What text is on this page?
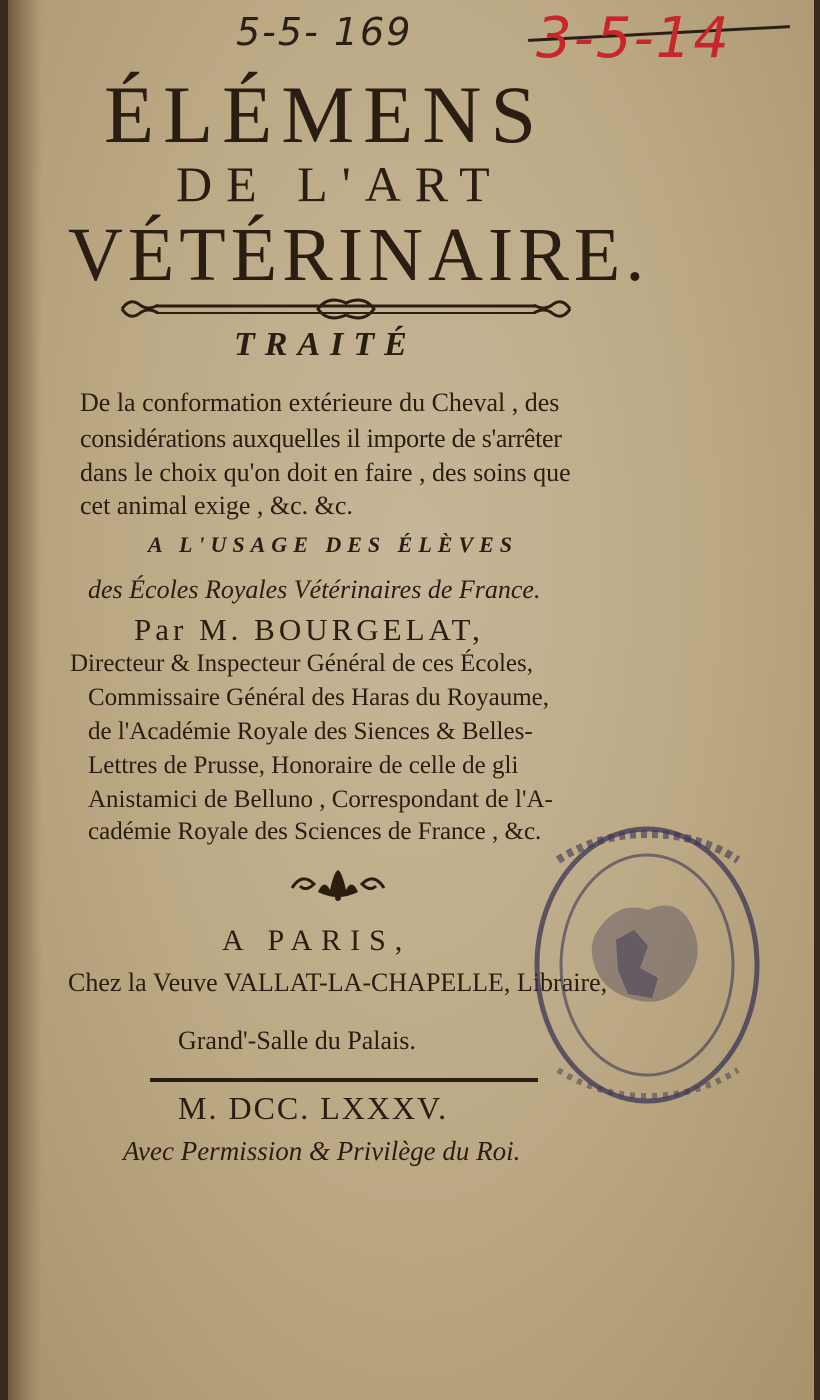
5-5- 169 3-5-14
ÉLÉMENS
DE L'ART
VÉTÉRINAIRE.
TRAITÉ
De la conformation extérieure du Cheval , des
considérations auxquelles il importe de s'arrêter
dans le choix qu'on doit en faire , des soins que
cet animal exige , &c. &c.
A L'USAGE DES ÉLÈVES
des Écoles Royales Vétérinaires de France.
Par M. BOURGELAT,
Directeur & Inspecteur Général de ces Écoles,
Commissaire Général des Haras du Royaume,
de l'Académie Royale des Siences & Belles-
Lettres de Prusse, Honoraire de celle de gli
Anistamici de Belluno , Correspondant de l'A-
cadémie Royale des Sciences de France , &c.
A PARIS,
Chez la Veuve VALLAT-LA-CHAPELLE, Libraire,
Grand'-Salle du Palais.
M. DCC. LXXXV.
Avec Permission & Privilège du Roi.
